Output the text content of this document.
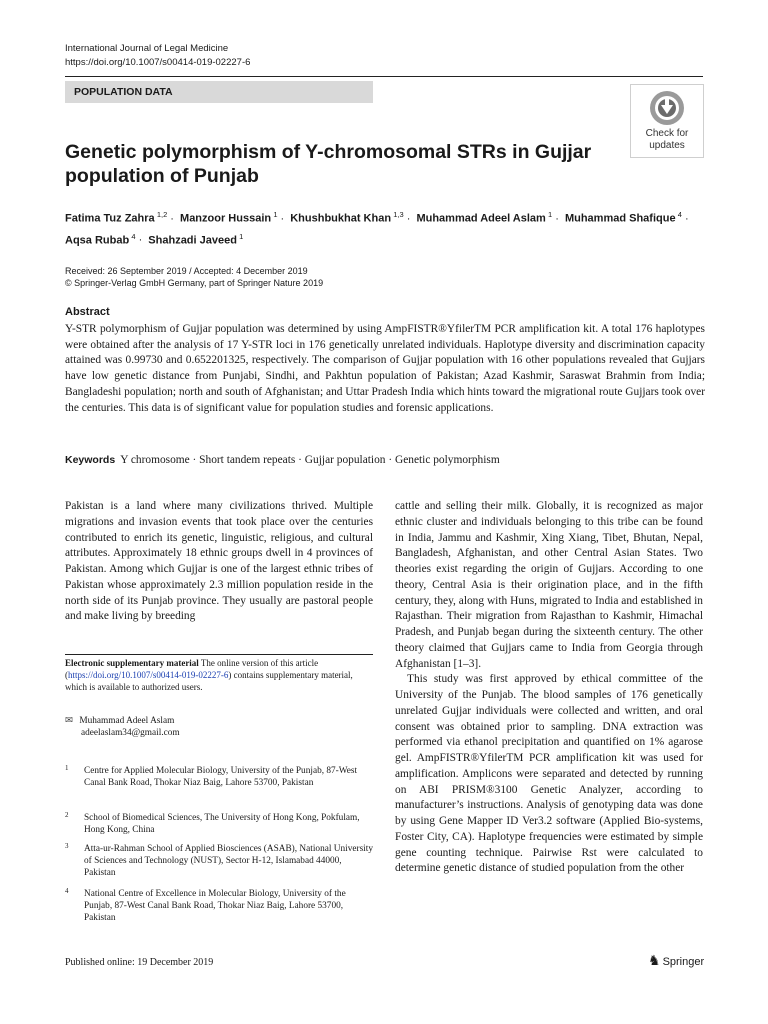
International Journal of Legal Medicine
https://doi.org/10.1007/s00414-019-02227-6
POPULATION DATA
Check for
updates
Genetic polymorphism of Y-chromosomal STRs in Gujjar population of Punjab
Fatima Tuz Zahra  $^{1,2}$ · Manzoor Hussain  $^1$ · Khushbukhat Khan  $^{1,3}$ · Muhammad Adeel Aslam  $^1$ · Muhammad Shafique  $^4$ · Aqsa Rubab  $^4$ · Shahzadi Javeed  $^1$
Received: 26 September 2019 / Accepted: 4 December 2019
© Springer-Verlag GmbH Germany, part of Springer Nature 2019
Abstract
Y-STR polymorphism of Gujjar population was determined by using AmpFISTR®YfilerTM PCR amplification kit. A total 176 haplotypes were obtained after the analysis of 17 Y-STR loci in 176 genetically unrelated individuals. Haplotype diversity and discrimination capacity attained was 0.99730 and 0.652201325, respectively. The comparison of Gujjar population with 16 other populations revealed that Gujjars have low genetic distance from Punjabi, Sindhi, and Pakhtun population of Pakistan; Azad Kashmir, Saraswat Brahmin from India; Bangladeshi population; north and south of Afghanistan; and Uttar Pradesh India which hints toward the migrational route Gujjars took over the centuries. This data is of significant value for population studies and forensic applications.
Keywords Y chromosome · Short tandem repeats · Gujjar population · Genetic polymorphism

Pakistan is a land where many civilizations thrived. Multiple migrations and invasion events that took place over the centuries contributed to enrich its genetic, linguistic, religious, and cultural attributes. Approximately 18 ethnic groups dwell in 4 provinces of Pakistan. Among which Gujjar is one of the largest ethnic tribes of Pakistan whose approximately 2.3 million population reside in the north side of its Punjab province. They usually are pastoral people and make living by breeding

Electronic supplementary material The online version of this article (https://doi.org/10.1007/s00414-019-02227-6) contains supplementary material, which is available to authorized users.
✉ Muhammad Adeel Aslam
adeelaslam34@gmail.com
1 Centre for Applied Molecular Biology, University of the Punjab, 87-West Canal Bank Road, Thokar Niaz Baig, Lahore 53700, Pakistan
2 School of Biomedical Sciences, The University of Hong Kong, Pokfulam, Hong Kong, China
3 Atta-ur-Rahman School of Applied Biosciences (ASAB), National University of Sciences and Technology (NUST), Sector H-12, Islamabad 44000, Pakistan
4 National Centre of Excellence in Molecular Biology, University of the Punjab, 87-West Canal Bank Road, Thokar Niaz Baig, Lahore 53700, Pakistan

cattle and selling their milk. Globally, it is recognized as major ethnic cluster and individuals belonging to this tribe can be found in India, Jammu and Kashmir, Xing Xiang, Tibet, Bhutan, Nepal, Bangladesh, Afghanistan, and other Central Asian States. Two theories exist regarding the origin of Gujjars. According to one theory, Central Asia is their origination place, and in the fifth century, they, along with Huns, migrated to India and established in Rajasthan. Their migration from Rajasthan to Kashmir, Himachal Pradesh, and Punjab began during the sixteenth century. The other theory claimed that Gujjars came to India from Georgia through Afghanistan [1–3].

This study was first approved by ethical committee of the University of the Punjab. The blood samples of 176 genetically unrelated Gujjar individuals were collected and written, and oral consent was obtained prior to sampling. DNA extraction was performed via ethanol precipitation and quantified on 1% agarose gel. AmpFISTR®YfilerTM PCR amplification kit was used for amplification. Amplicons were separated and detected by running on ABI PRISM®3100 Genetic Analyzer, according to manufacturer’s instructions. Analysis of genotyping data was done by using Gene Mapper ID Ver3.2 software (Applied Bio-systems, Foster City, CA). Haplotype frequencies were estimated by simple gene counting technique. Pairwise Rst were calculated to determine genetic distance of studied population from the other

Published online: 19 December 2019	♞ Springer
